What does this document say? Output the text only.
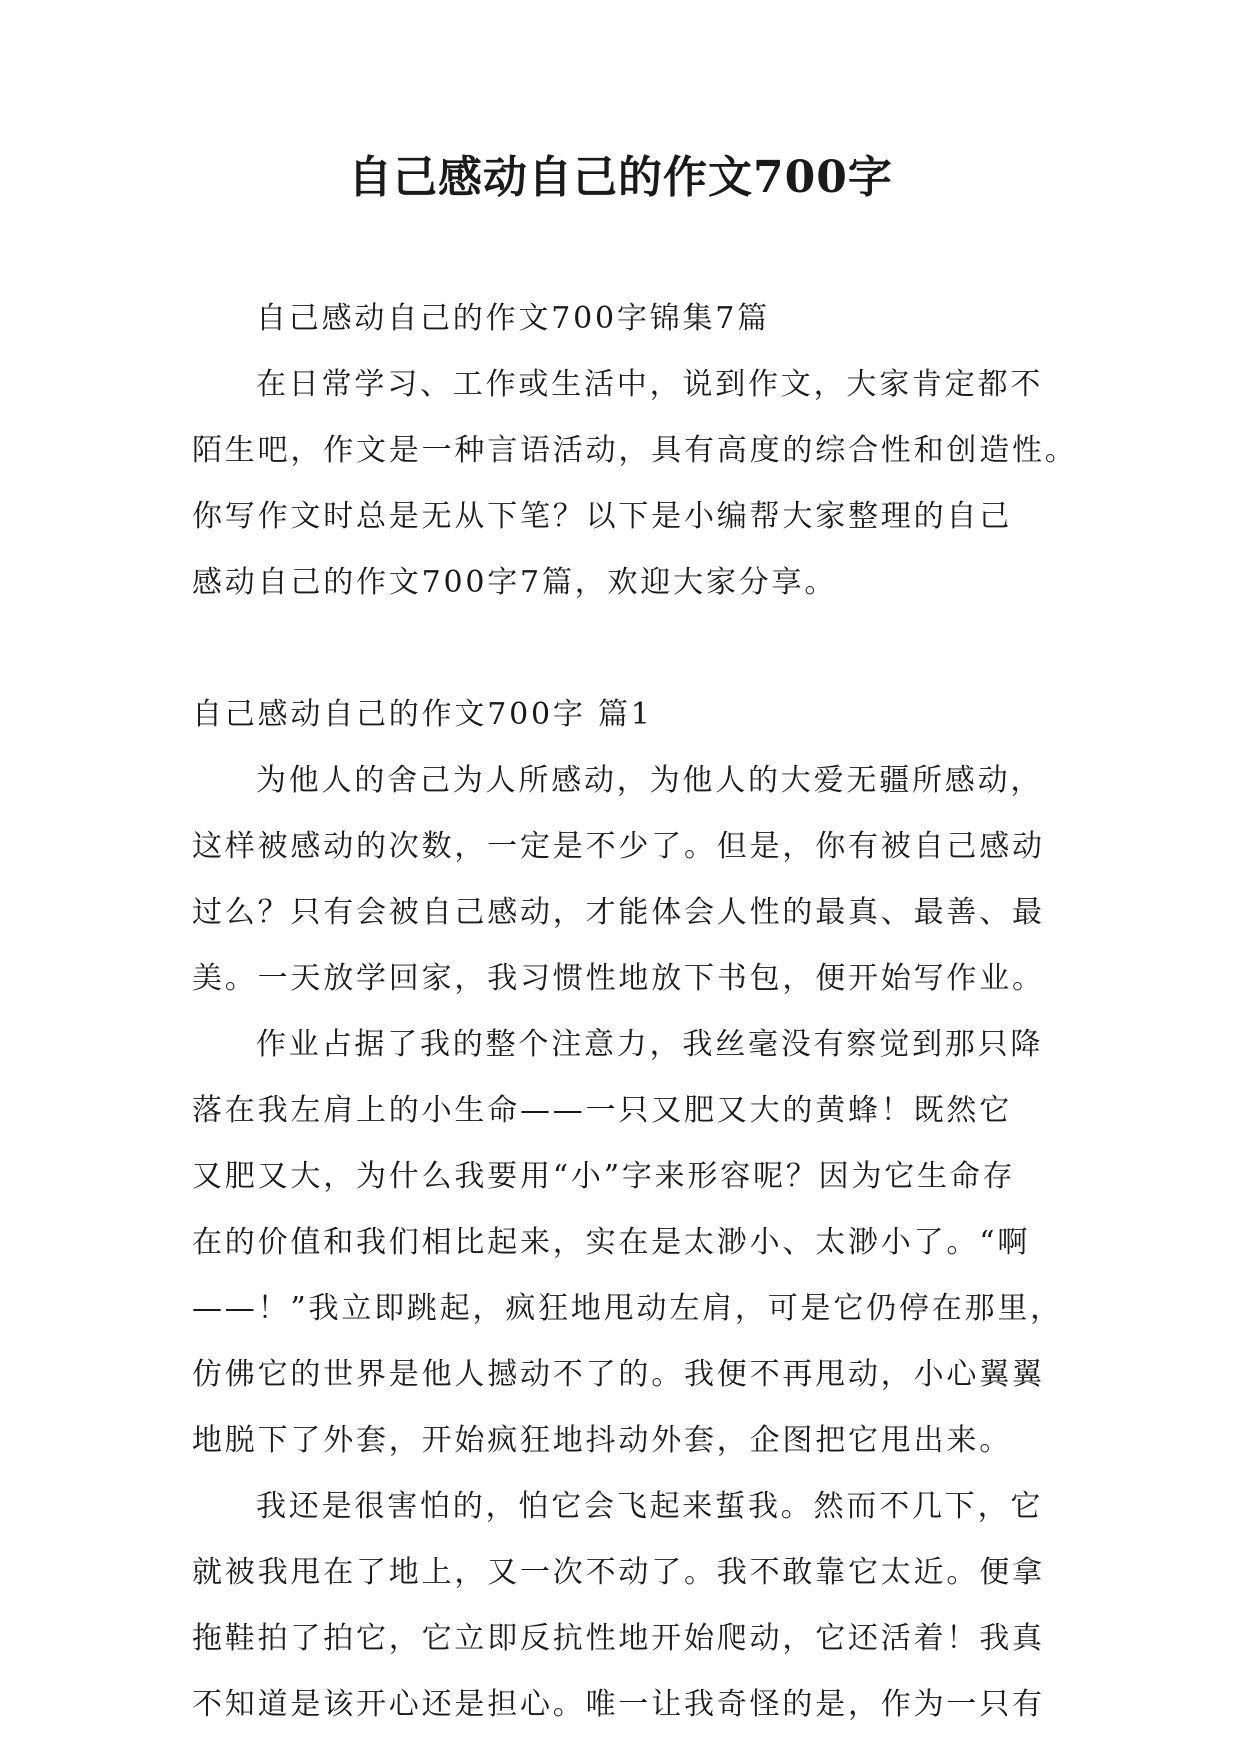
自己感动自己的作文700字
自己感动自己的作文700字锦集7篇
在日常学习、工作或生活中，说到作文，大家肯定都不
陌生吧，作文是一种言语活动，具有高度的综合性和创造性。
你写作文时总是无从下笔？以下是小编帮大家整理的自己
感动自己的作文700字7篇，欢迎大家分享。
自己感动自己的作文700字 篇1
为他人的舍己为人所感动，为他人的大爱无疆所感动，
这样被感动的次数，一定是不少了。但是，你有被自己感动
过么？只有会被自己感动，才能体会人性的最真、最善、最
美。一天放学回家，我习惯性地放下书包，便开始写作业。
作业占据了我的整个注意力，我丝毫没有察觉到那只降
落在我左肩上的小生命——一只又肥又大的黄蜂！既然它
又肥又大，为什么我要用“小”字来形容呢？因为它生命存
在的价值和我们相比起来，实在是太渺小、太渺小了。“啊
——！”我立即跳起，疯狂地甩动左肩，可是它仍停在那里，
仿佛它的世界是他人撼动不了的。我便不再甩动，小心翼翼
地脱下了外套，开始疯狂地抖动外套，企图把它甩出来。
我还是很害怕的，怕它会飞起来蜇我。然而不几下，它
就被我甩在了地上，又一次不动了。我不敢靠它太近。便拿
拖鞋拍了拍它，它立即反抗性地开始爬动，它还活着！我真
不知道是该开心还是担心。唯一让我奇怪的是，作为一只有
